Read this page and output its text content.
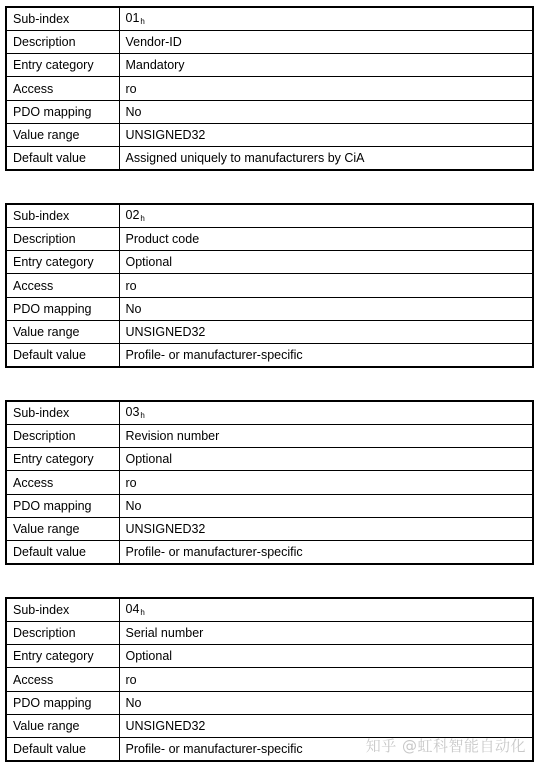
Sub-index	$01_h$
Description	Vendor-ID
Entry category	Mandatory
Access	ro
PDO mapping	No
Value range	UNSIGNED32
Default value	Assigned uniquely to manufacturers by CiA
Sub-index	$02_h$
Description	Product code
Entry category	Optional
Access	ro
PDO mapping	No
Value range	UNSIGNED32
Default value	Profile- or manufacturer-specific
Sub-index	$03_h$
Description	Revision number
Entry category	Optional
Access	ro
PDO mapping	No
Value range	UNSIGNED32
Default value	Profile- or manufacturer-specific
Sub-index	$04_h$
Description	Serial number
Entry category	Optional
Access	ro
PDO mapping	No
Value range	UNSIGNED32
Default value	Profile- or manufacturer-specific	知乎 @虹科智能自动化
